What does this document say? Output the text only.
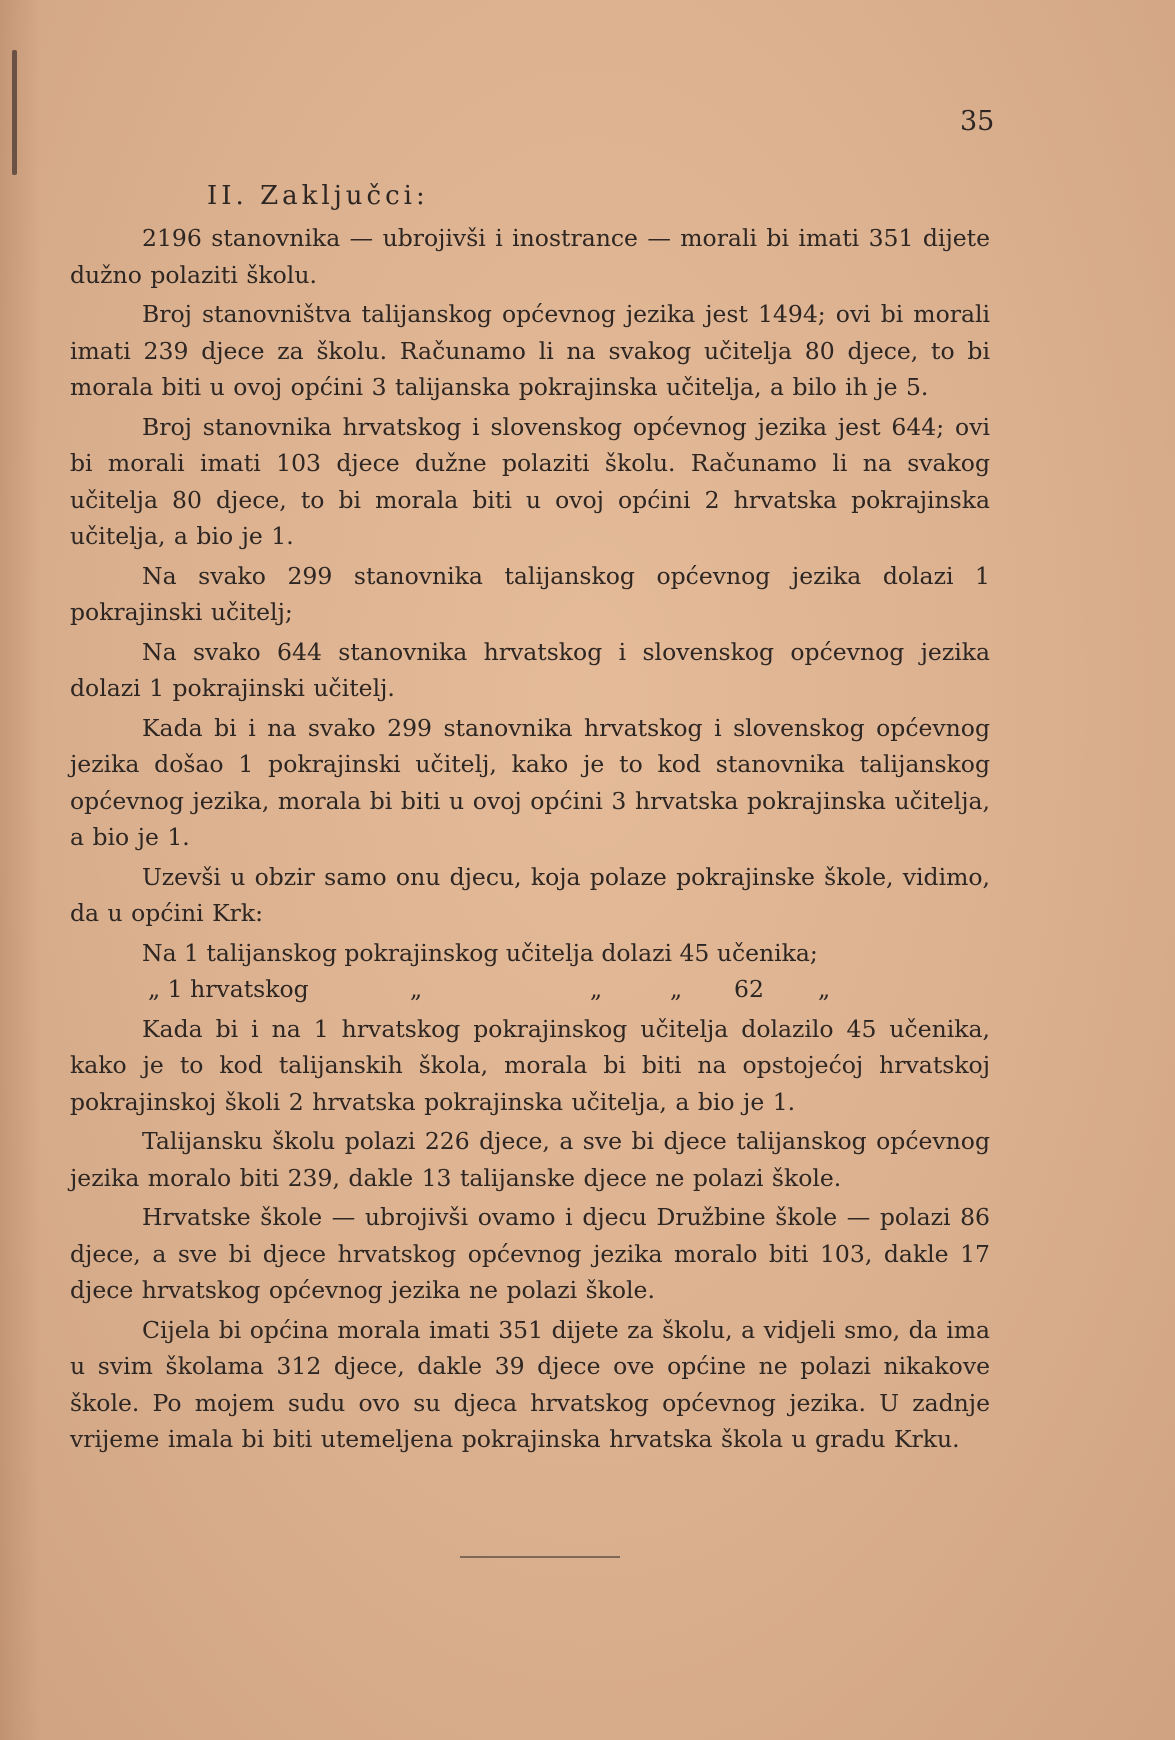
35
II. Zaključci:

2196 stanovnika — ubrojivši i inostrance — morali bi imati 351 dijete dužno polaziti školu.

Broj stanovništva talijanskog općevnog jezika jest 1494; ovi bi morali imati 239 djece za školu. Računamo li na svakog učitelja 80 djece, to bi morala biti u ovoj općini 3 talijanska pokrajinska učitelja, a bilo ih je 5.

Broj stanovnika hrvatskog i slovenskog općevnog jezika jest 644; ovi bi morali imati 103 djece dužne polaziti školu. Računamo li na svakog učitelja 80 djece, to bi morala biti u ovoj općini 2 hrvatska pokrajinska učitelja, a bio je 1.

Na svako 299 stanovnika talijanskog općevnog jezika dolazi 1 pokrajinski učitelj;

Na svako 644 stanovnika hrvatskog i slovenskog općevnog jezika dolazi 1 pokrajinski učitelj.

Kada bi i na svako 299 stanovnika hrvatskog i slovenskog općevnog jezika došao 1 pokrajinski učitelj, kako je to kod stanovnika talijanskog općevnog jezika, morala bi biti u ovoj općini 3 hrvatska pokrajinska učitelja, a bio je 1.

Uzevši u obzir samo onu djecu, koja polaze pokrajinske škole, vidimo, da u općini Krk:

Na 1 talijanskog pokrajinskog učitelja dolazi 45 učenika;
„ 1 hrvatskog	„	„	„ 62 „

Kada bi i na 1 hrvatskog pokrajinskog učitelja dolazilo 45 učenika, kako je to kod talijanskih škola, morala bi biti na opstojećoj hrvatskoj pokrajinskoj školi 2 hrvatska pokrajinska učitelja, a bio je 1.

Talijansku školu polazi 226 djece, a sve bi djece talijanskog općevnog jezika moralo biti 239, dakle 13 talijanske djece ne polazi škole.

Hrvatske škole — ubrojivši ovamo i djecu Družbine škole — polazi 86 djece, a sve bi djece hrvatskog općevnog jezika moralo biti 103, dakle 17 djece hrvatskog općevnog jezika ne polazi škole.

Cijela bi općina morala imati 351 dijete za školu, a vidjeli smo, da ima u svim školama 312 djece, dakle 39 djece ove općine ne polazi nikakove škole. Po mojem sudu ovo su djeca hrvatskog općevnog jezika. U zadnje vrijeme imala bi biti utemeljena pokrajinska hrvatska škola u gradu Krku.
